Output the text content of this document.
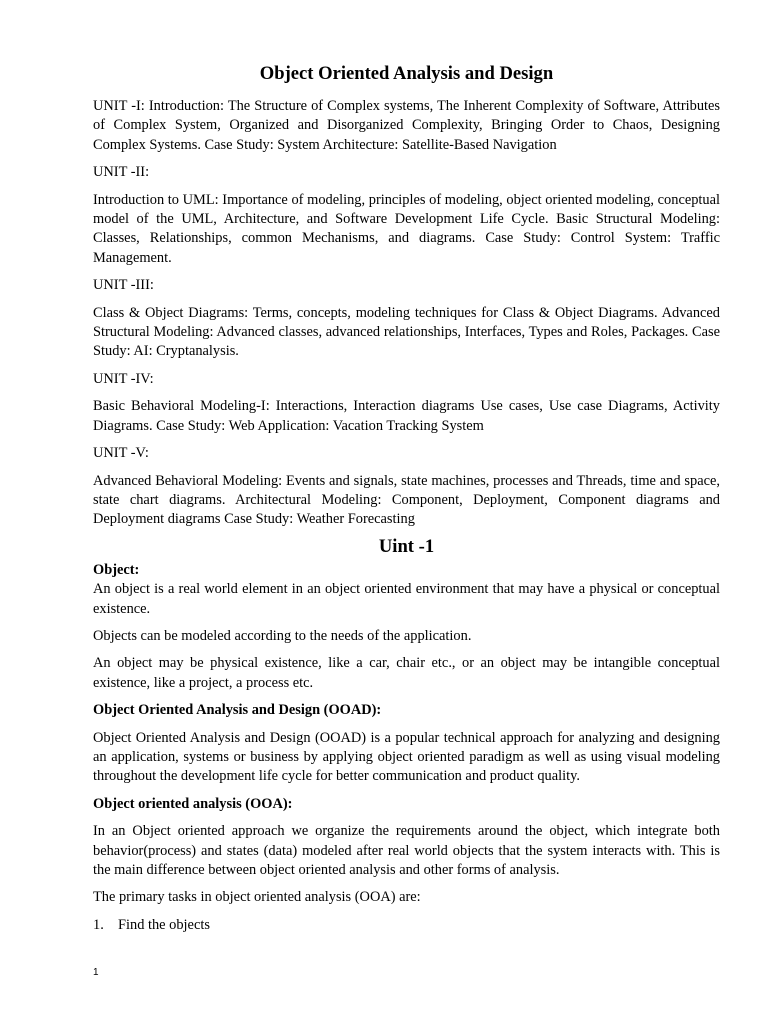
Object Oriented Analysis and Design

UNIT -I: Introduction: The Structure of Complex systems, The Inherent Complexity of Software, Attributes of Complex System, Organized and Disorganized Complexity, Bringing Order to Chaos, Designing Complex Systems. Case Study: System Architecture: Satellite-Based Navigation

UNIT -II:

Introduction to UML: Importance of modeling, principles of modeling, object oriented modeling, conceptual model of the UML, Architecture, and Software Development Life Cycle. Basic Structural Modeling: Classes, Relationships, common Mechanisms, and diagrams. Case Study: Control System: Traffic Management.

UNIT -III:

Class & Object Diagrams: Terms, concepts, modeling techniques for Class & Object Diagrams. Advanced Structural Modeling: Advanced classes, advanced relationships, Interfaces, Types and Roles, Packages. Case Study: AI: Cryptanalysis.

UNIT -IV:

Basic Behavioral Modeling-I: Interactions, Interaction diagrams Use cases, Use case Diagrams, Activity Diagrams. Case Study: Web Application: Vacation Tracking System

UNIT -V:

Advanced Behavioral Modeling: Events and signals, state machines, processes and Threads, time and space, state chart diagrams. Architectural Modeling: Component, Deployment, Component diagrams and Deployment diagrams Case Study: Weather Forecasting

Uint -1
Object:

An object is a real world element in an object oriented environment that may have a physical or conceptual existence.

Objects can be modeled according to the needs of the application.

An object may be physical existence, like a car, chair etc., or an object may be intangible conceptual existence, like a project, a process etc.

Object Oriented Analysis and Design (OOAD):

Object Oriented Analysis and Design (OOAD) is a popular technical approach for analyzing and designing an application, systems or business by applying object oriented paradigm as well as using visual modeling throughout the development life cycle for better communication and product quality.

Object oriented analysis (OOA):

In an Object oriented approach we organize the requirements around the object, which integrate both behavior(process) and states (data) modeled after real world objects that the system interacts with. This is the main difference between object oriented analysis and other forms of analysis.

The primary tasks in object oriented analysis (OOA) are:

1. Find the objects
1
